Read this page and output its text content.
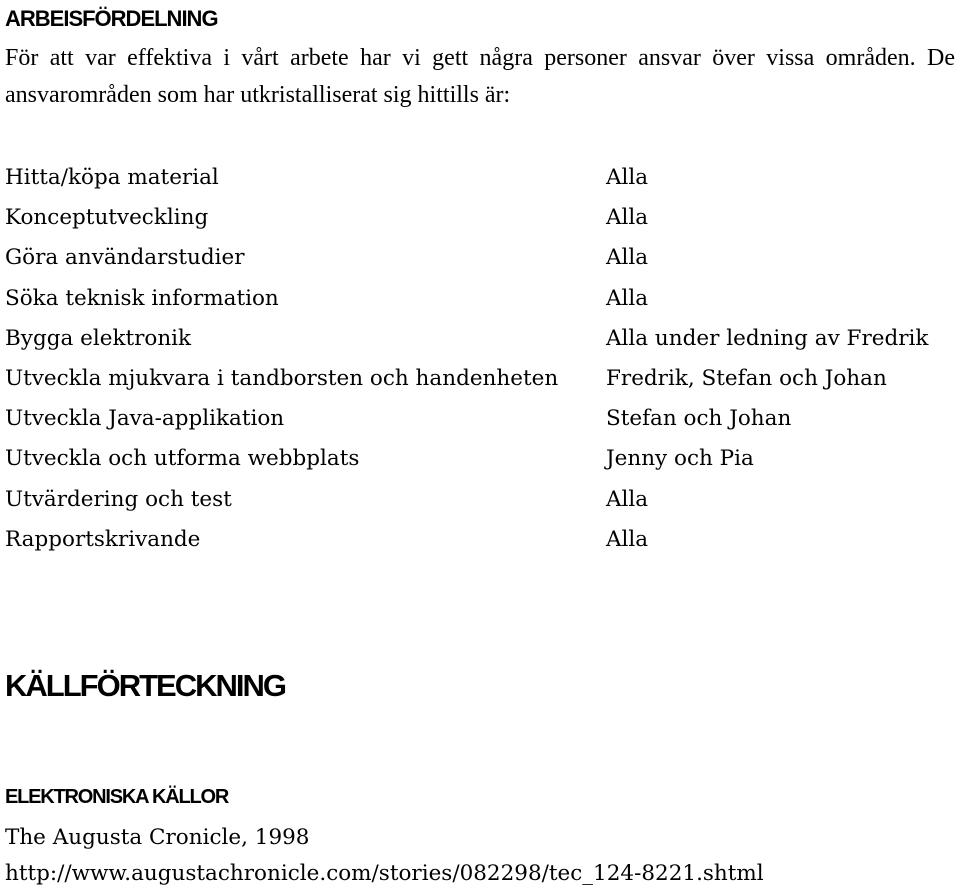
ARBEISFÖRDELNING

För att var effektiva i vårt arbete har vi gett några personer ansvar över vissa områden. De ansvarområden som har utkristalliserat sig hittills är:

Hitta/köpa material	Alla
Konceptutveckling	Alla
Göra användarstudier	Alla
Söka teknisk information	Alla
Bygga elektronik	Alla under ledning av Fredrik
Utveckla mjukvara i tandborsten och handenheten	Fredrik, Stefan och Johan
Utveckla Java-applikation	Stefan och Johan
Utveckla och utforma webbplats	Jenny och Pia
Utvärdering och test	Alla
Rapportskrivande	Alla
KÄLLFÖRTECKNING
ELEKTRONISKA KÄLLOR
The Augusta Cronicle, 1998
http://www.augustachronicle.com/stories/082298/tec_124-8221.shtml
